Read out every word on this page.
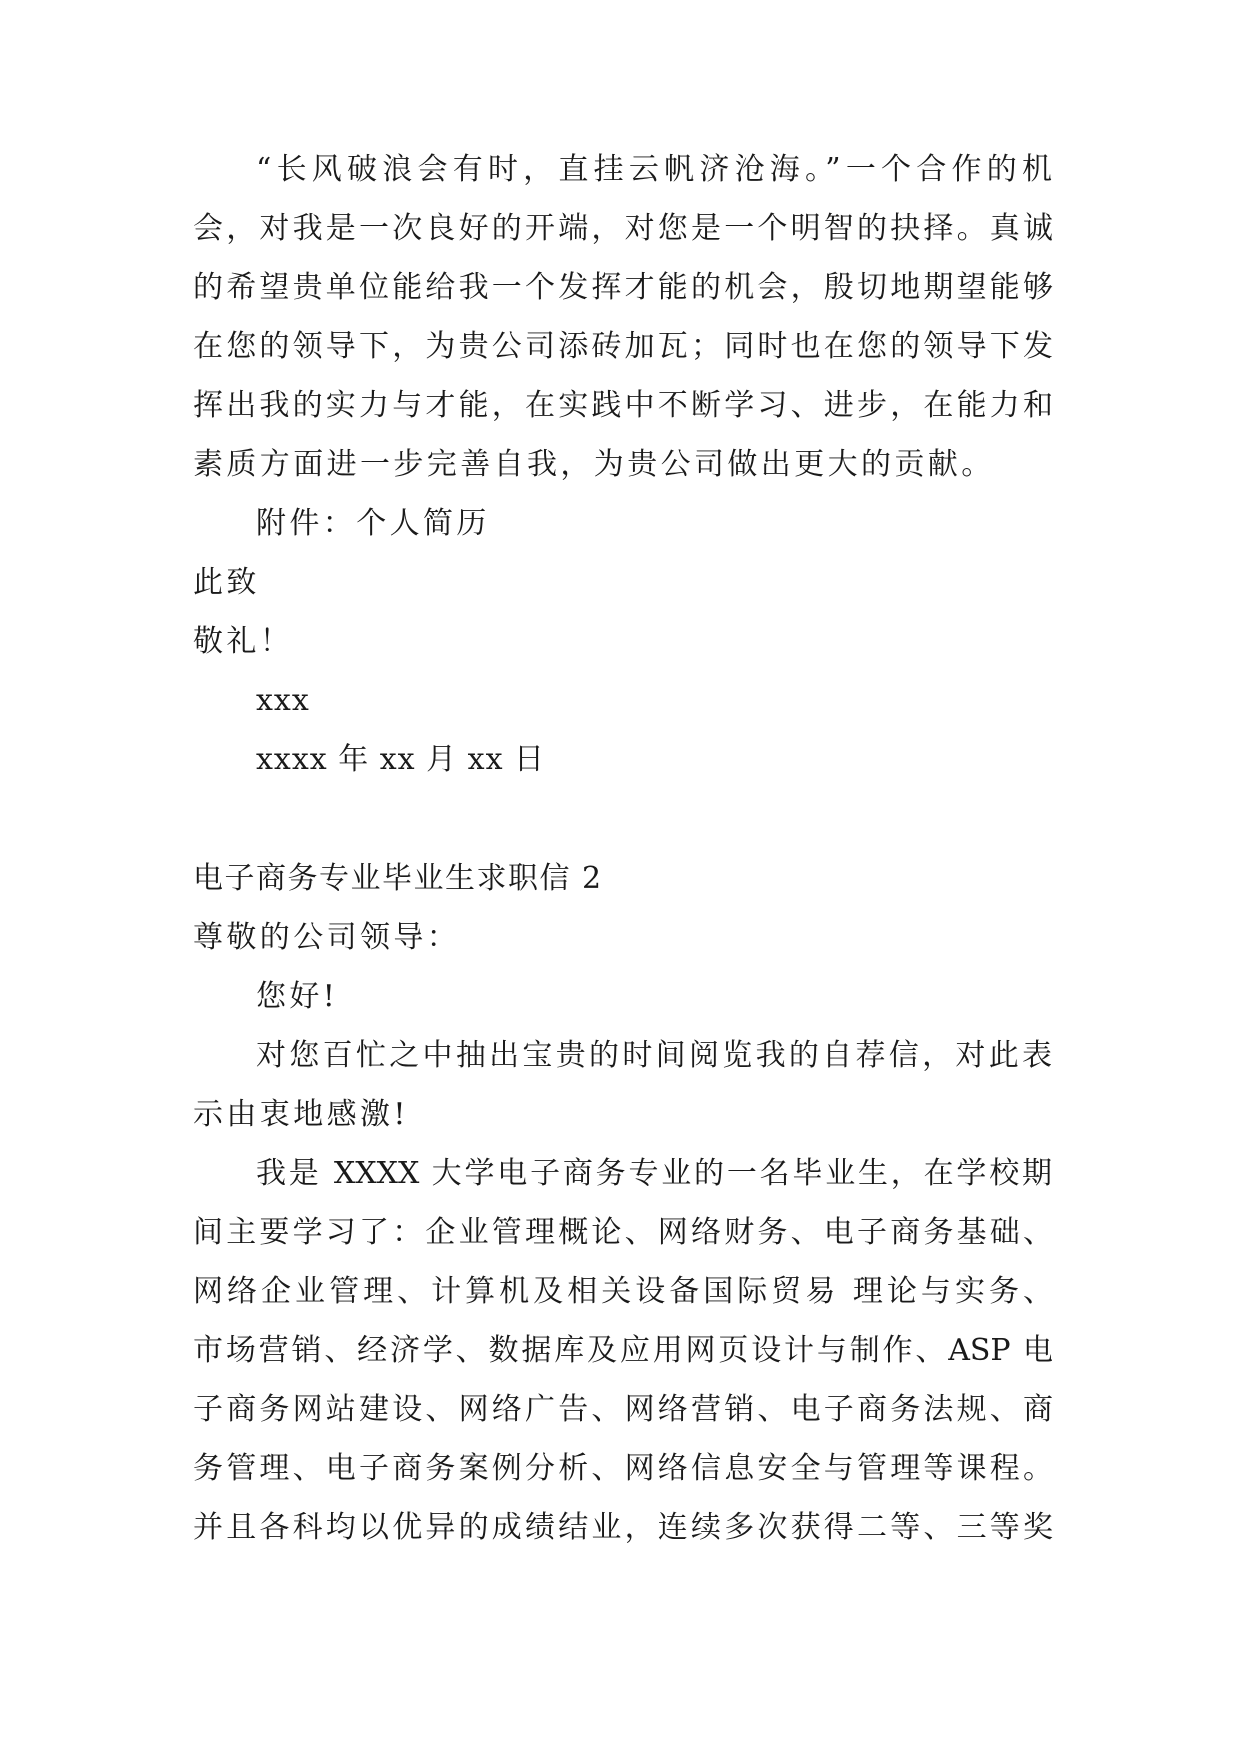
“长风破浪会有时，直挂云帆济沧海。”一个合作的机
会，对我是一次良好的开端，对您是一个明智的抉择。真诚
的希望贵单位能给我一个发挥才能的机会，殷切地期望能够
在您的领导下，为贵公司添砖加瓦；同时也在您的领导下发
挥出我的实力与才能，在实践中不断学习、进步，在能力和
素质方面进一步完善自我，为贵公司做出更大的贡献。
附件：个人简历
此致
敬礼！
xxx
xxxx 年 xx 月 xx 日
电子商务专业毕业生求职信 2
尊敬的公司领导：
您好!
对您百忙之中抽出宝贵的时间阅览我的自荐信，对此表
示由衷地感激!
我是 XXXX 大学电子商务专业的一名毕业生，在学校期
间主要学习了：企业管理概论、网络财务、电子商务基础、
网络企业管理、计算机及相关设备国际贸易 理论与实务、
市场营销、经济学、数据库及应用网页设计与制作、ASP 电
子商务网站建设、网络广告、网络营销、电子商务法规、商
务管理、电子商务案例分析、网络信息安全与管理等课程。
并且各科均以优异的成绩结业，连续多次获得二等、三等奖
